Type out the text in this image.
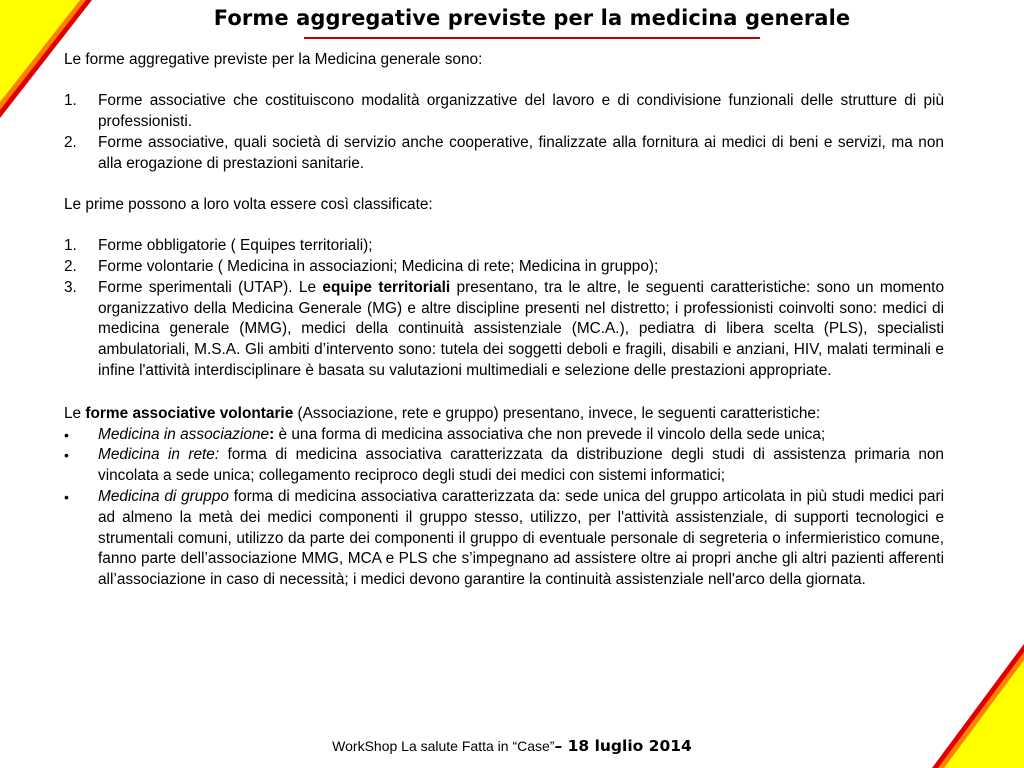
Forme aggregative previste per la medicina generale

Le forme aggregative previste per la Medicina generale sono:

1.	Forme associative che costituiscono modalità organizzative del lavoro e di condivisione funzionali delle strutture di più professionisti.
2.	Forme associative, quali società di servizio anche cooperative, finalizzate alla fornitura ai medici di beni e servizi, ma non alla erogazione di prestazioni sanitarie.

Le prime possono a loro volta essere così classificate:

1.	Forme obbligatorie ( Equipes territoriali);
2.	Forme volontarie ( Medicina in associazioni; Medicina di rete; Medicina in gruppo);
3.	Forme sperimentali (UTAP). Le equipe territoriali presentano, tra le altre, le seguenti caratteristiche: sono un momento organizzativo della Medicina Generale (MG) e altre discipline presenti nel distretto; i professionisti coinvolti sono: medici di medicina generale (MMG), medici della continuità assistenziale (MC.A.), pediatra di libera scelta (PLS), specialisti ambulatoriali, M.S.A. Gli ambiti d’intervento sono: tutela dei soggetti deboli e fragili, disabili e anziani, HIV, malati terminali e infine l'attività interdisciplinare è basata su valutazioni multimediali e selezione delle prestazioni appropriate.

Le forme associative volontarie (Associazione, rete e gruppo) presentano, invece, le seguenti caratteristiche:

•	Medicina in associazione: è una forma di medicina associativa che non prevede il vincolo della sede unica;
•	Medicina in rete: forma di medicina associativa caratterizzata da distribuzione degli studi di assistenza primaria non vincolata a sede unica; collegamento reciproco degli studi dei medici con sistemi informatici;
•	Medicina di gruppo forma di medicina associativa caratterizzata da: sede unica del gruppo articolata in più studi medici pari ad almeno la metà dei medici componenti il gruppo stesso, utilizzo, per l'attività assistenziale, di supporti tecnologici e strumentali comuni, utilizzo da parte dei componenti il gruppo di eventuale personale di segreteria o infermieristico comune, fanno parte dell’associazione MMG, MCA e PLS che s’impegnano ad assistere oltre ai propri anche gli altri pazienti afferenti all’associazione in caso di necessità; i medici devono garantire la continuità assistenziale nell'arco della giornata.
WorkShop La salute Fatta in “Case”– 18 luglio 2014
